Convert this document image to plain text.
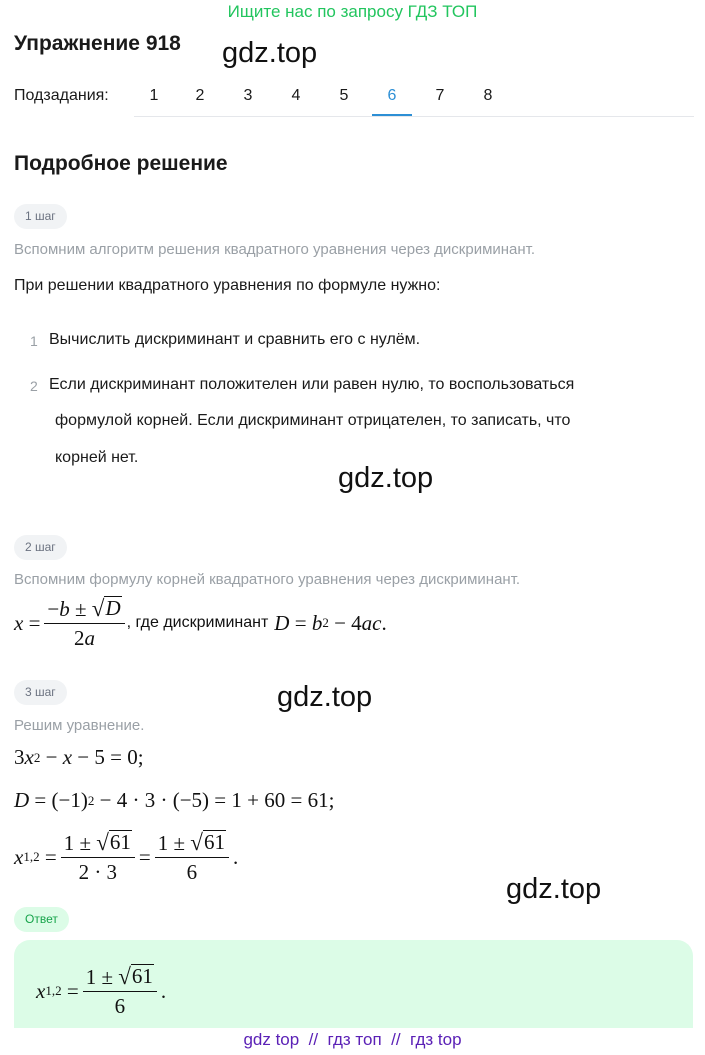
Ищите нас по запросу ГДЗ ТОП
Упражнение 918 gdz.top
Подзадания:	1	2	3	4	5	6	7	8
Подробное решение
1 шаг
Вспомним алгоритм решения квадратного уравнения через дискриминант.
При решении квадратного уравнения по формуле нужно:
1 Вычислить дискриминант и сравнить его с нулём.
2 Если дискриминант положителен или равен нулю, то воспользоваться
формулой корней. Если дискриминант отрицателен, то записать, что
корней нет.
gdz.top
2 шаг
Вспомним формулу корней квадратного уравнения через дискриминант.
x
= $\frac{-b \pm √ D}{2a}$ , где дискриминант D
=
b 2
−
4 ac .
3 шаг	gdz.top
Решим уравнение.
3 x 2
−
x
−
5 = 0;
D
= (−1) 2
− 4 · 3 · (−5) = 1 + 60 = 61;
x 1,2
= $\frac{1 \pm √ 61}{2 \cdot 3} = \frac{1 \pm √ 61}{6}$ .
gdz.top
Ответ
x 1,2
= $\frac{1 \pm √ 61}{6}$ .
gdz top  //  гдз топ  //  гдз top
